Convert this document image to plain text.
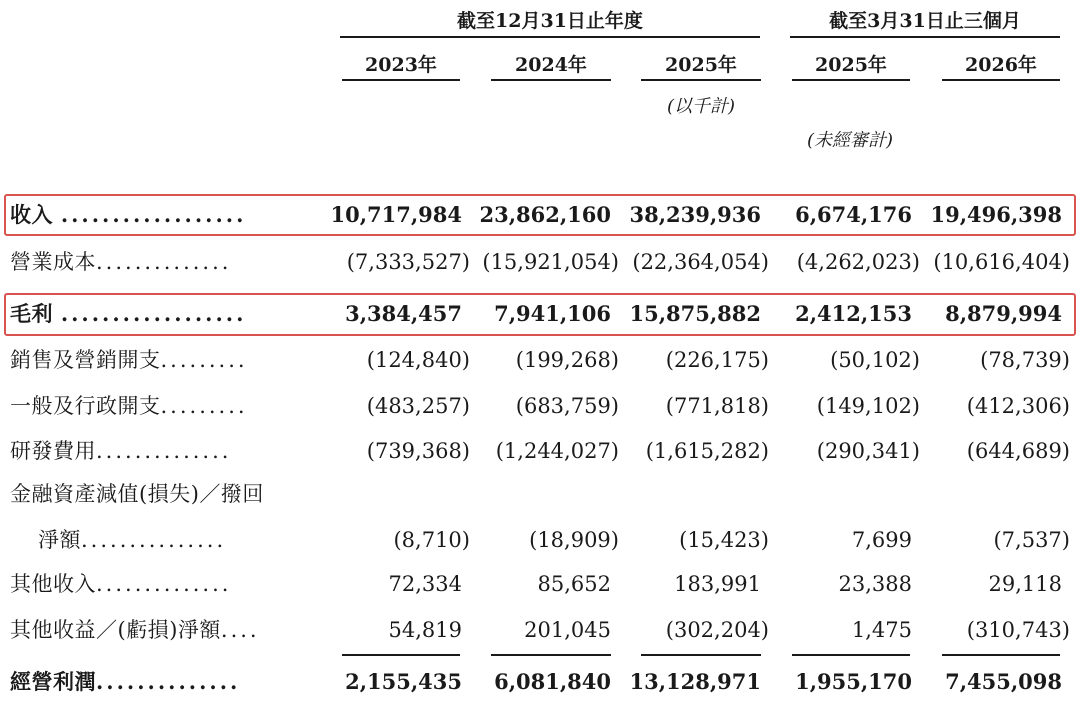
截至12月31日止年度	截至3月31日止三個月
2023年	2024年	2025年	2025年	2026年
(以千計)
(未經審計)
收入 ..................	10,717,984 23,862,160 38,239,936	6,674,176 19,496,398
營業成本..............	(7,333,527) (15,921,054) (22,364,054)	(4,262,023) (10,616,404)
毛利 ..................	3,384,457	7,941,106 15,875,882	2,412,153	8,879,994
銷售及營銷開支.........	(124,840)	(199,268)	(226,175)	(50,102)	(78,739)
一般及行政開支.........	(483,257)	(683,759)	(771,818)	(149,102)	(412,306)
研發費用..............	(739,368)	(1,244,027)	(1,615,282)	(290,341)	(644,689)
金融資產減值(損失)／撥回
淨額...............	(8,710)	(18,909)	(15,423)	7,699	(7,537)
其他收入..............	72,334	85,652	183,991	23,388	29,118
其他收益／(虧損)淨額....	54,819	201,045	(302,204)	1,475	(310,743)
經營利潤..............	2,155,435	6,081,840 13,128,971	1,955,170	7,455,098
